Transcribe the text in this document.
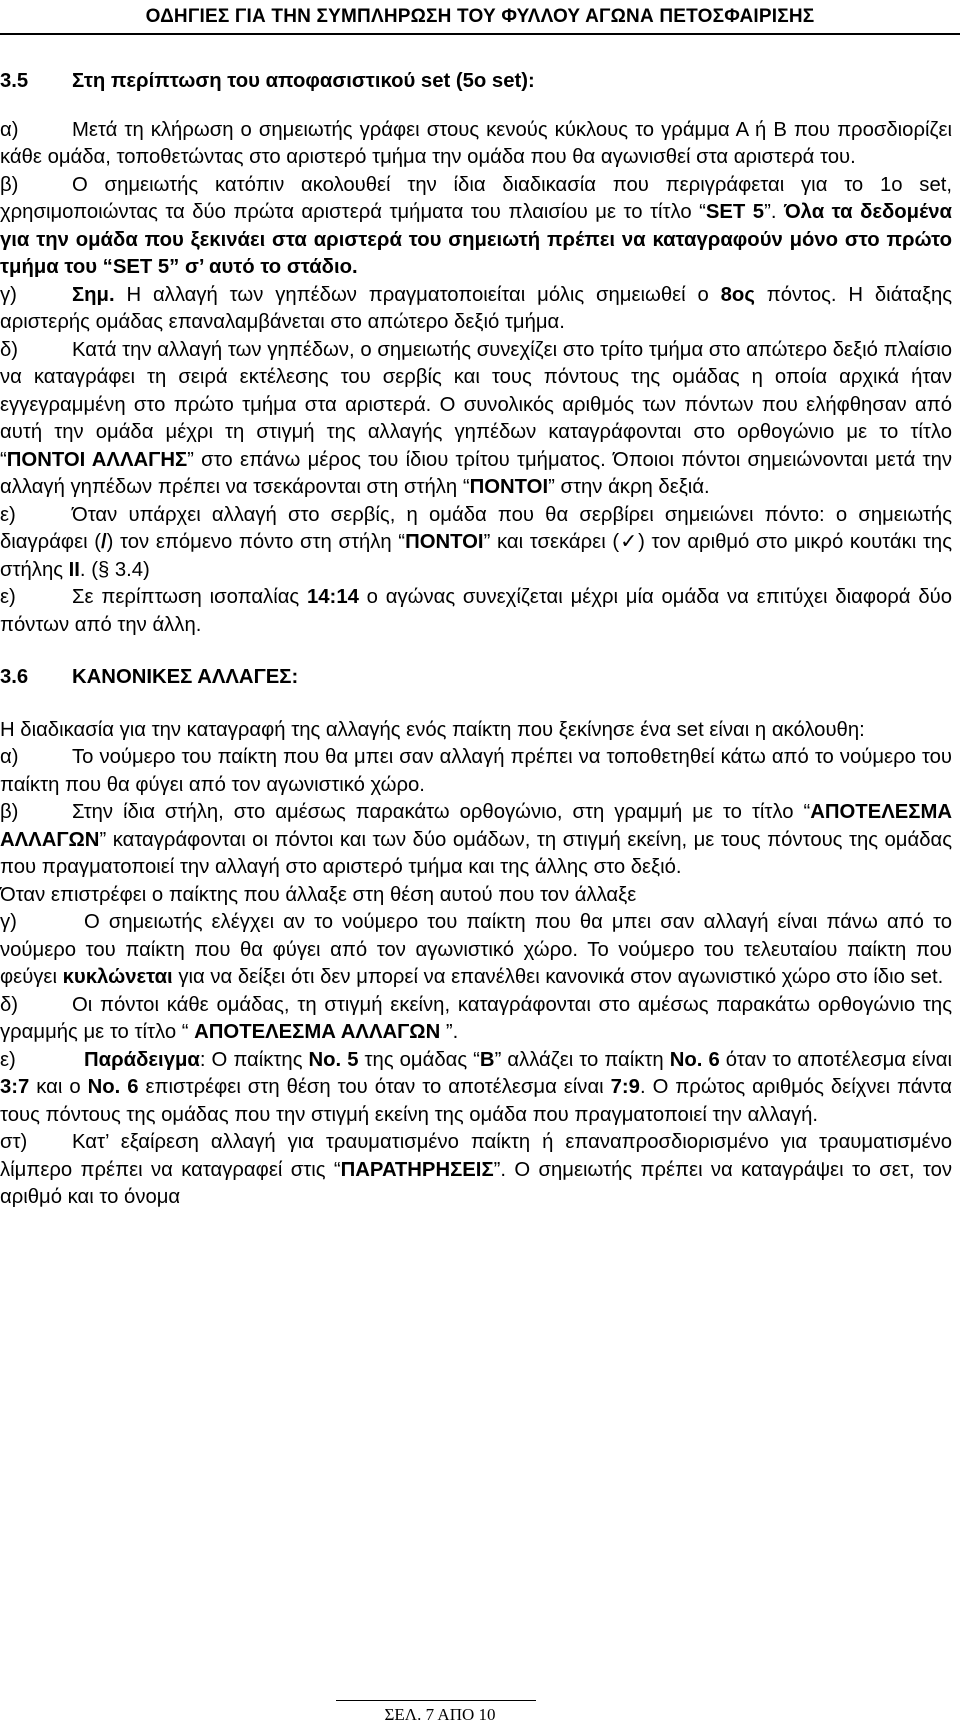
ΟΔΗΓΙΕΣ ΓΙΑ ΤΗΝ ΣΥΜΠΛΗΡΩΣΗ ΤΟΥ ΦΥΛΛΟΥ ΑΓΩΝΑ ΠΕΤΟΣΦΑΙΡΙΣΗΣ

3.5 Στη περίπτωση του αποφασιστικού set (5ο set):

α)	Μετά τη κλήρωση ο σημειωτής γράφει στους κενούς κύκλους το γράμμα Α ή Β που προσδιορίζει κάθε ομάδα, τοποθετώντας στο αριστερό τμήμα την ομάδα που θα αγωνισθεί στα αριστερά του.

β)	Ο σημειωτής κατόπιν ακολουθεί την ίδια διαδικασία που περιγράφεται για το 1ο set, χρησιμοποιώντας τα δύο πρώτα αριστερά τμήματα του πλαισίου με το τίτλο “SET 5”. Όλα τα δεδομένα για την ομάδα που ξεκινάει στα αριστερά του σημειωτή πρέπει να καταγραφούν μόνο στο πρώτο τμήμα του “SET 5” σ’ αυτό το στάδιο.

γ)	Σημ. Η αλλαγή των γηπέδων πραγματοποιείται μόλις σημειωθεί ο 8ος πόντος. Η διάταξης αριστερής ομάδας επαναλαμβάνεται στο απώτερο δεξιό τμήμα.

δ)	Κατά την αλλαγή των γηπέδων, ο σημειωτής συνεχίζει στο τρίτο τμήμα στο απώτερο δεξιό πλαίσιο να καταγράφει τη σειρά εκτέλεσης του σερβίς και τους πόντους της ομάδας η οποία αρχικά ήταν εγγεγραμμένη στο πρώτο τμήμα στα αριστερά. Ο συνολικός αριθμός των πόντων που ελήφθησαν από αυτή την ομάδα μέχρι τη στιγμή της αλλαγής γηπέδων καταγράφονται στο ορθογώνιο με το τίτλο “ΠΟΝΤΟΙ ΑΛΛΑΓΗΣ” στο επάνω μέρος του ίδιου τρίτου τμήματος. Όποιοι πόντοι σημειώνονται μετά την αλλαγή γηπέδων πρέπει να τσεκάρονται στη στήλη “ΠΟΝΤΟΙ” στην άκρη δεξιά.

ε)	Όταν υπάρχει αλλαγή στο σερβίς, η ομάδα που θα σερβίρει σημειώνει πόντο: ο σημειωτής διαγράφει (/) τον επόμενο πόντο στη στήλη “ΠΟΝΤΟΙ” και τσεκάρει (✓) τον αριθμό στο μικρό κουτάκι της στήλης ΙΙ. (§ 3.4)

ε)	Σε περίπτωση ισοπαλίας 14:14 ο αγώνας συνεχίζεται μέχρι μία ομάδα να επιτύχει διαφορά δύο πόντων από την άλλη.

3.6 ΚΑΝΟΝΙΚΕΣ ΑΛΛΑΓΕΣ:

Η διαδικασία για την καταγραφή της αλλαγής ενός παίκτη που ξεκίνησε ένα set είναι η ακόλουθη:

α)	Το νούμερο του παίκτη που θα μπει σαν αλλαγή πρέπει να τοποθετηθεί κάτω από το νούμερο του παίκτη που θα φύγει από τον αγωνιστικό χώρο.

β)	Στην ίδια στήλη, στο αμέσως παρακάτω ορθογώνιο, στη γραμμή με το τίτλο “ΑΠΟΤΕΛΕΣΜΑ ΑΛΛΑΓΩΝ” καταγράφονται οι πόντοι και των δύο ομάδων, τη στιγμή εκείνη, με τους πόντους της ομάδας που πραγματοποιεί την αλλαγή στο αριστερό τμήμα και της άλλης στο δεξιό.

Όταν επιστρέφει ο παίκτης που άλλαξε στη θέση αυτού που τον άλλαξε

γ)	Ο σημειωτής ελέγχει αν το νούμερο του παίκτη που θα μπει σαν αλλαγή είναι πάνω από το νούμερο του παίκτη που θα φύγει από τον αγωνιστικό χώρο. Το νούμερο του τελευταίου παίκτη που φεύγει κυκλώνεται για να δείξει ότι δεν μπορεί να επανέλθει κανονικά στον αγωνιστικό χώρο στο ίδιο set.

δ)	Οι πόντοι κάθε ομάδας, τη στιγμή εκείνη, καταγράφονται στο αμέσως παρακάτω ορθογώνιο της γραμμής με το τίτλο “ ΑΠΟΤΕΛΕΣΜΑ ΑΛΛΑΓΩΝ ”.

ε)	Παράδειγμα: Ο παίκτης No. 5 της ομάδας “Β” αλλάζει το παίκτη No. 6 όταν το αποτέλεσμα είναι 3:7 και ο No. 6 επιστρέφει στη θέση του όταν το αποτέλεσμα είναι 7:9. Ο πρώτος αριθμός δείχνει πάντα τους πόντους της ομάδας που την στιγμή εκείνη της ομάδα που πραγματοποιεί την αλλαγή.

στ) Κατ’ εξαίρεση αλλαγή για τραυματισμένο παίκτη ή επαναπροσδιορισμένο για τραυματισμένο λίμπερο πρέπει να καταγραφεί στις “ΠΑΡΑΤΗΡΗΣΕΙΣ”. Ο σημειωτής πρέπει να καταγράψει το σετ, τον αριθμό και το όνομα

ΣΕΛ. 7 ΑΠΟ 10
